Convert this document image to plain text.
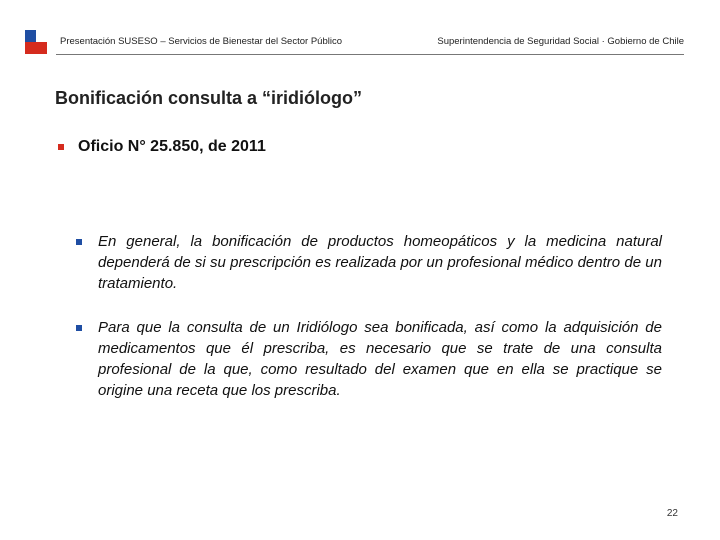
Presentación SUSESO – Servicios de Bienestar del Sector Público	Superintendencia de Seguridad Social · Gobierno de Chile
Bonificación consulta a “iridiólogo”
Oficio N° 25.850, de 2011
En general, la bonificación de productos homeopáticos y la medicina natural dependerá de si su prescripción es realizada por un profesional médico dentro de un tratamiento.
Para que la consulta de un Iridiólogo sea bonificada, así como la adquisición de medicamentos que él prescriba, es necesario que se trate de una consulta profesional de la que, como resultado del examen que en ella se practique se origine una receta que los prescriba.
22
